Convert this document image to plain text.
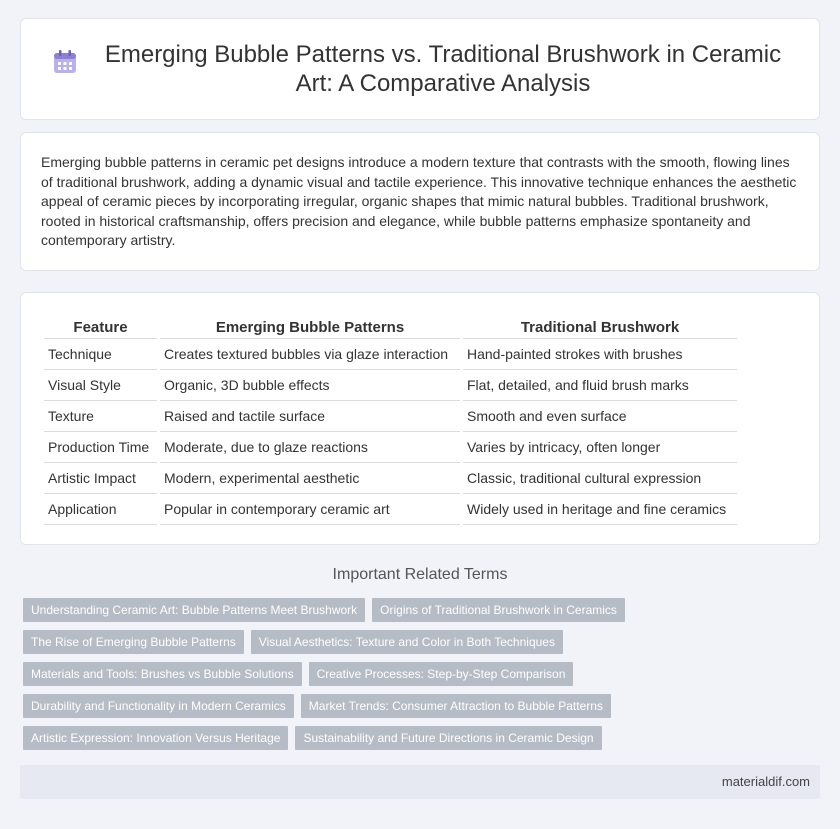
Emerging Bubble Patterns vs. Traditional Brushwork in Ceramic Art: A Comparative Analysis

Emerging bubble patterns in ceramic pet designs introduce a modern texture that contrasts with the smooth, flowing lines of traditional brushwork, adding a dynamic visual and tactile experience. This innovative technique enhances the aesthetic appeal of ceramic pieces by incorporating irregular, organic shapes that mimic natural bubbles. Traditional brushwork, rooted in historical craftsmanship, offers precision and elegance, while bubble patterns emphasize spontaneity and contemporary artistry.

Feature	Emerging Bubble Patterns	Traditional Brushwork
Technique	Creates textured bubbles via glaze interaction	Hand-painted strokes with brushes
Visual Style	Organic, 3D bubble effects	Flat, detailed, and fluid brush marks
Texture	Raised and tactile surface	Smooth and even surface
Production Time	Moderate, due to glaze reactions	Varies by intricacy, often longer
Artistic Impact	Modern, experimental aesthetic	Classic, traditional cultural expression
Application	Popular in contemporary ceramic art	Widely used in heritage and fine ceramics
Important Related Terms
Understanding Ceramic Art: Bubble Patterns Meet Brushwork	Origins of Traditional Brushwork in Ceramics
The Rise of Emerging Bubble Patterns	Visual Aesthetics: Texture and Color in Both Techniques
Materials and Tools: Brushes vs Bubble Solutions	Creative Processes: Step-by-Step Comparison
Durability and Functionality in Modern Ceramics	Market Trends: Consumer Attraction to Bubble Patterns
Artistic Expression: Innovation Versus Heritage	Sustainability and Future Directions in Ceramic Design
materialdif.com
